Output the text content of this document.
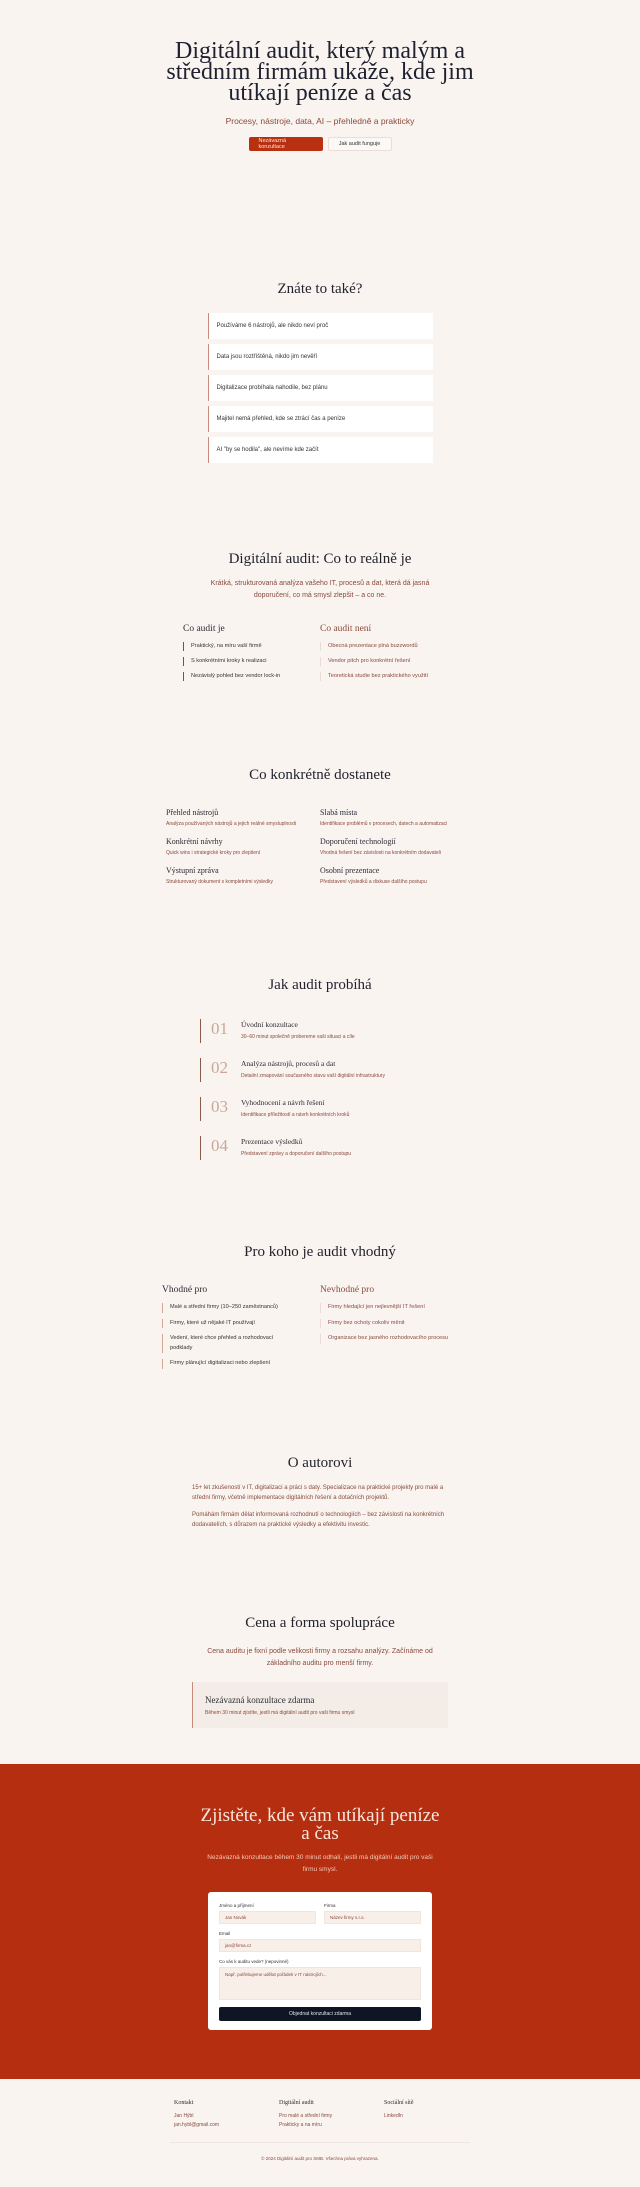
Digitální audit, který malým a středním firmám ukáže, kde jim utíkají peníze a čas

Procesy, nástroje, data, AI – přehledně a prakticky

Nezávazná konzultace	Jak audit funguje
Znáte to také?
Používáme 6 nástrojů, ale nikdo neví proč
Data jsou roztříštěná, nikdo jim nevěří
Digitalizace probíhala nahodile, bez plánu
Majitel nemá přehled, kde se ztrácí čas a peníze
AI "by se hodila", ale nevíme kde začít
Digitální audit: Co to reálně je

Krátká, strukturovaná analýza vašeho IT, procesů a dat, která dá jasná doporučení, co má smysl zlepšit – a co ne.

Co audit je
Praktický, na míru vaší firmě
S konkrétními kroky k realizaci
Nezávislý pohled bez vendor lock-in
Co audit není
Obecná prezentace plná buzzwordů
Vendor pitch pro konkrétní řešení
Teoretická studie bez praktického využití
Co konkrétně dostanete
Přehled nástrojů
Analýza používaných nástrojů a jejich reálné smysluplnosti
Slabá místa
Identifikace problémů v procesech, datech a automatizaci
Konkrétní návrhy
Quick wins i strategické kroky pro zlepšení
Doporučení technologií
Vhodná řešení bez závislosti na konkrétním dodavateli
Výstupní zpráva
Strukturovaný dokument s kompletními výsledky
Osobní prezentace
Představení výsledků a diskuse dalšího postupu
Jak audit probíhá
01	Úvodní konzultace
30–60 minut společně probereme vaši situaci a cíle
02	Analýza nástrojů, procesů a dat
Detailní zmapování současného stavu vaší digitální infrastruktury
03	Vyhodnocení a návrh řešení
Identifikace příležitostí a návrh konkrétních kroků
04	Prezentace výsledků
Představení zprávy a doporučení dalšího postupu
Pro koho je audit vhodný
Vhodné pro
Malé a střední firmy (10–250 zaměstnanců)
Firmy, které už nějaké IT používají
Vedení, které chce přehled a rozhodovací podklady
Firmy plánující digitalizaci nebo zlepšení
Nevhodné pro
Firmy hledající jen nejlevnější IT řešení
Firmy bez ochoty cokoliv měnit
Organizace bez jasného rozhodovacího procesu
O autorovi

15+ let zkušeností v IT, digitalizaci a práci s daty. Specializace na praktické projekty pro malé a střední firmy, včetně implementace digitálních řešení a dotačních projektů.

Pomáhám firmám dělat informovaná rozhodnutí o technologiích – bez závislosti na konkrétních dodavatelích, s důrazem na praktické výsledky a efektivitu investic.

Cena a forma spolupráce

Cena auditu je fixní podle velikosti firmy a rozsahu analýzy. Začínáme od základního auditu pro menší firmy.

Nezávazná konzultace zdarma
Během 30 minut zjistíte, jestli má digitální audit pro vaši firmu smysl
Zjistěte, kde vám utíkají peníze a čas

Nezávazná konzultace během 30 minut odhalí, jestli má digitální audit pro vaši firmu smysl.

Jméno a příjmení
Jan Novák
Firma
Název firmy s.r.o.
Email
jan@firma.cz
Co vás k auditu vede? (nepovinné)
Např. potřebujeme udělat pořádek v IT nástrojích...
Objednat konzultaci zdarma
Kontakt
Jan Hýbl
jan.hybl@gmail.com
Digitální audit
Pro malé a střední firmy
Prakticky a na míru
Sociální sítě
LinkedIn
© 2024 Digitální audit pro SMB. Všechna práva vyhrazena.
